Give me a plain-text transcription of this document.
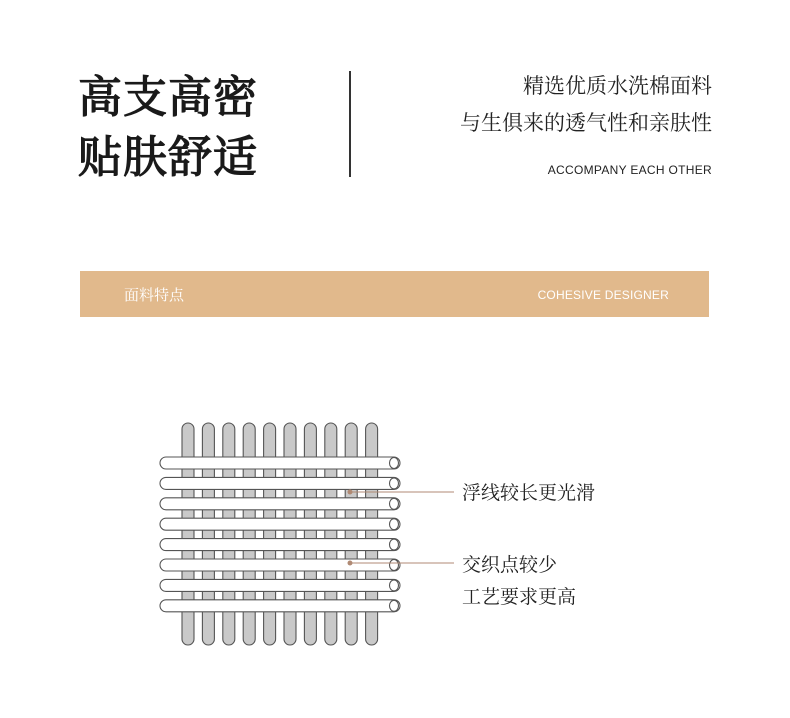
高支高密
贴肤舒适
精选优质水洗棉面料
与生俱来的透气性和亲肤性
ACCOMPANY EACH OTHER
面料特点	COHESIVE DESIGNER
浮线较长更光滑
交织点较少
工艺要求更高
